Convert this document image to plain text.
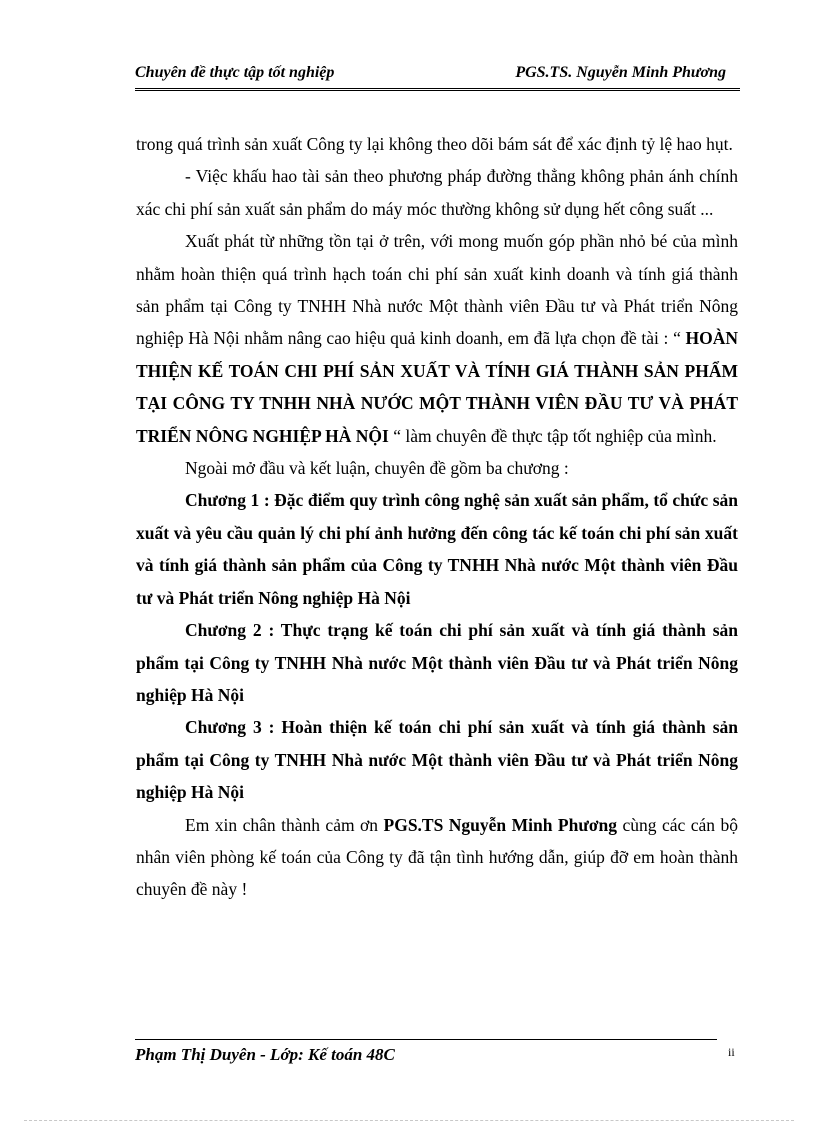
Chuyên đề thực tập tốt nghiệp	PGS.TS. Nguyễn Minh Phương

trong quá trình sản xuất Công ty lại không theo dõi bám sát để xác định tỷ lệ hao hụt.

- Việc khấu hao tài sản theo phương pháp đường thẳng không phản ánh chính xác chi phí sản xuất sản phẩm do máy móc thường không sử dụng hết công suất ...

Xuất phát từ những tồn tại ở trên, với mong muốn góp phần nhỏ bé của mình nhằm hoàn thiện quá trình hạch toán chi phí sản xuất kinh doanh và tính giá thành sản phẩm tại Công ty TNHH Nhà nước Một thành viên Đầu tư và Phát triển Nông nghiệp Hà Nội nhằm nâng cao hiệu quả kinh doanh, em đã lựa chọn đề tài : “ HOÀN THIỆN KẾ TOÁN CHI PHÍ SẢN XUẤT VÀ TÍNH GIÁ THÀNH SẢN PHẨM TẠI CÔNG TY TNHH NHÀ NƯỚC MỘT THÀNH VIÊN ĐẦU TƯ VÀ PHÁT TRIỂN NÔNG NGHIỆP HÀ NỘI “ làm chuyên đề thực tập tốt nghiệp của mình.

Ngoài mở đầu và kết luận, chuyên đề gồm ba chương :

Chương 1 : Đặc điểm quy trình công nghệ sản xuất sản phẩm, tổ chức sản xuất và yêu cầu quản lý chi phí ảnh hưởng đến công tác kế toán chi phí sản xuất và tính giá thành sản phẩm của Công ty TNHH Nhà nước Một thành viên Đầu tư và Phát triển Nông nghiệp Hà Nội

Chương 2 : Thực trạng kế toán chi phí sản xuất và tính giá thành sản phẩm tại Công ty TNHH Nhà nước Một thành viên Đầu tư và Phát triển Nông nghiệp Hà Nội

Chương 3 : Hoàn thiện kế toán chi phí sản xuất và tính giá thành sản phẩm tại Công ty TNHH Nhà nước Một thành viên Đầu tư và Phát triển Nông nghiệp Hà Nội

Em xin chân thành cảm ơn PGS.TS Nguyễn Minh Phương cùng các cán bộ nhân viên phòng kế toán của Công ty đã tận tình hướng dẫn, giúp đỡ em hoàn thành chuyên đề này !

Phạm Thị Duyên - Lớp: Kế toán 48C	ii
